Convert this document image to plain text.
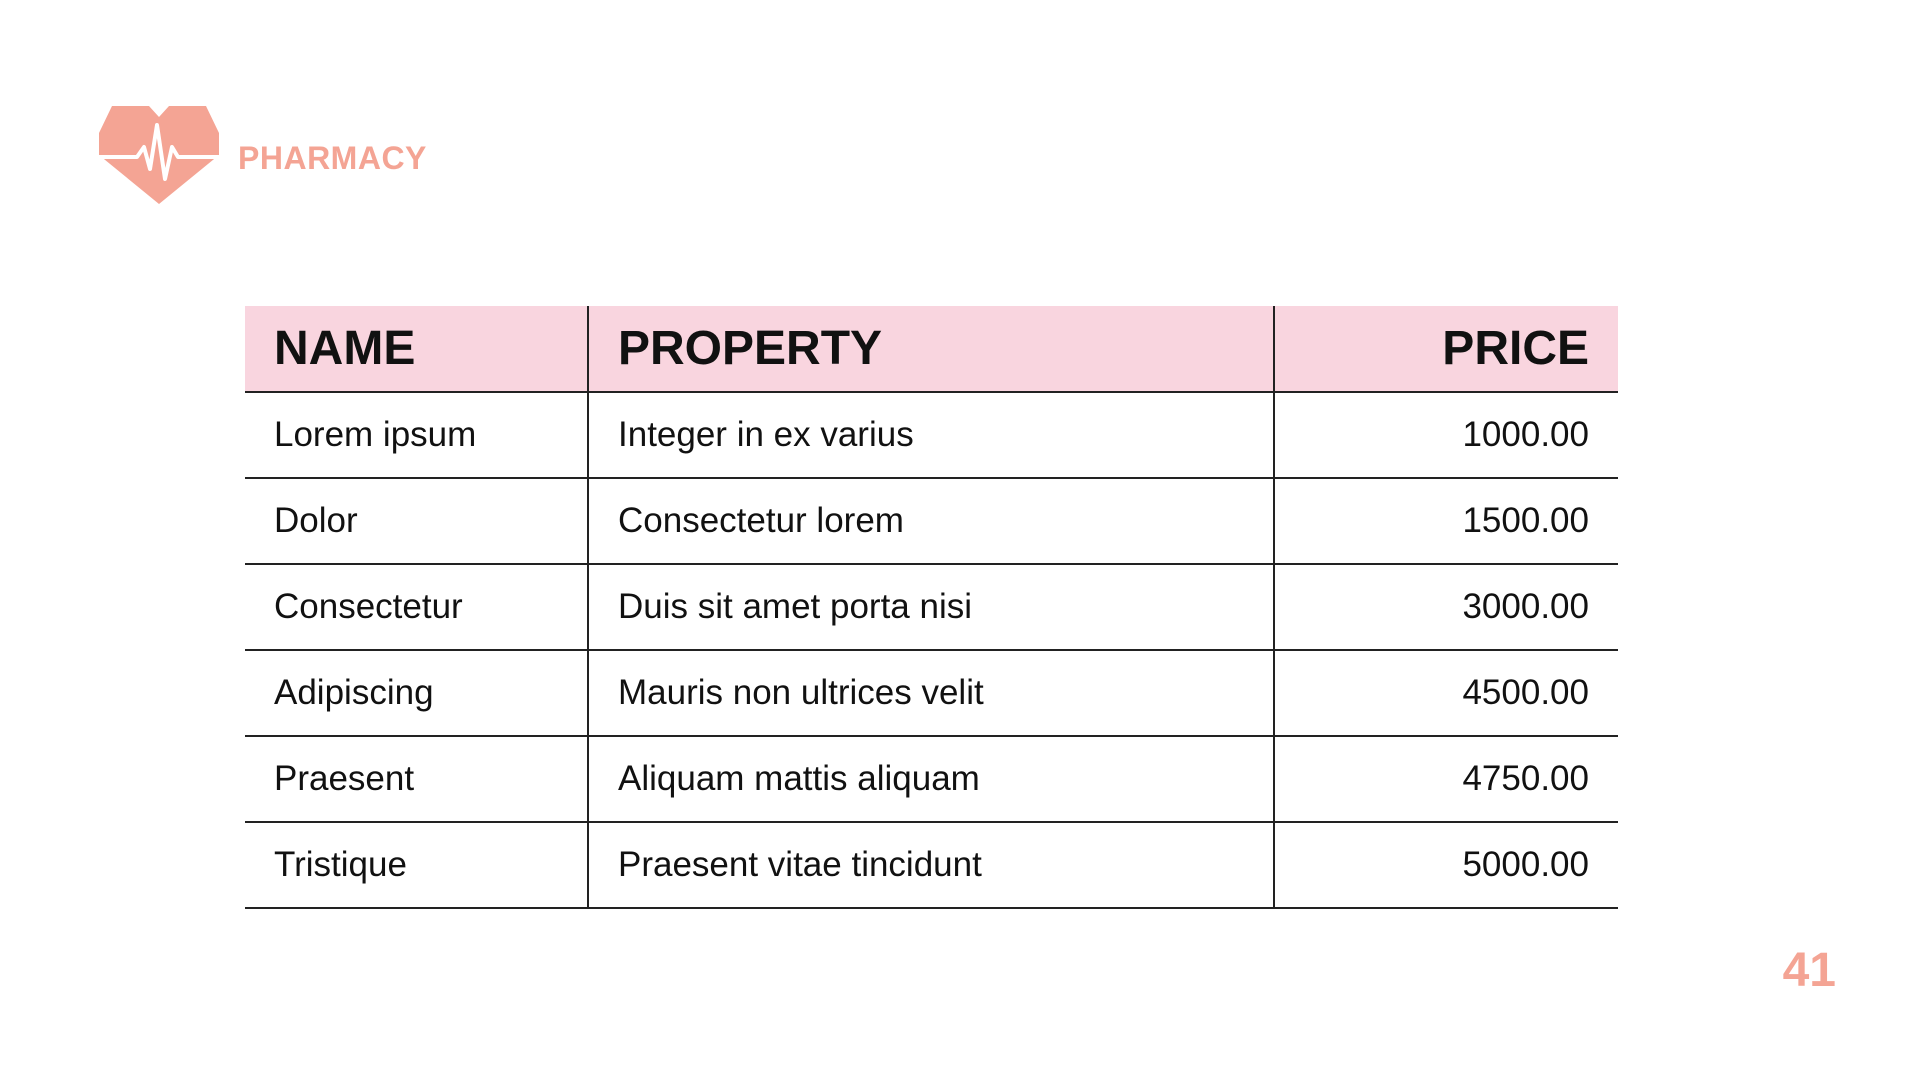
PHARMACY
NAME	PROPERTY	PRICE
Lorem ipsum	Integer in ex varius	1000.00
Dolor	Consectetur lorem	1500.00
Consectetur	Duis sit amet porta nisi	3000.00
Adipiscing	Mauris non ultrices velit	4500.00
Praesent	Aliquam mattis aliquam	4750.00
Tristique	Praesent vitae tincidunt	5000.00
41
